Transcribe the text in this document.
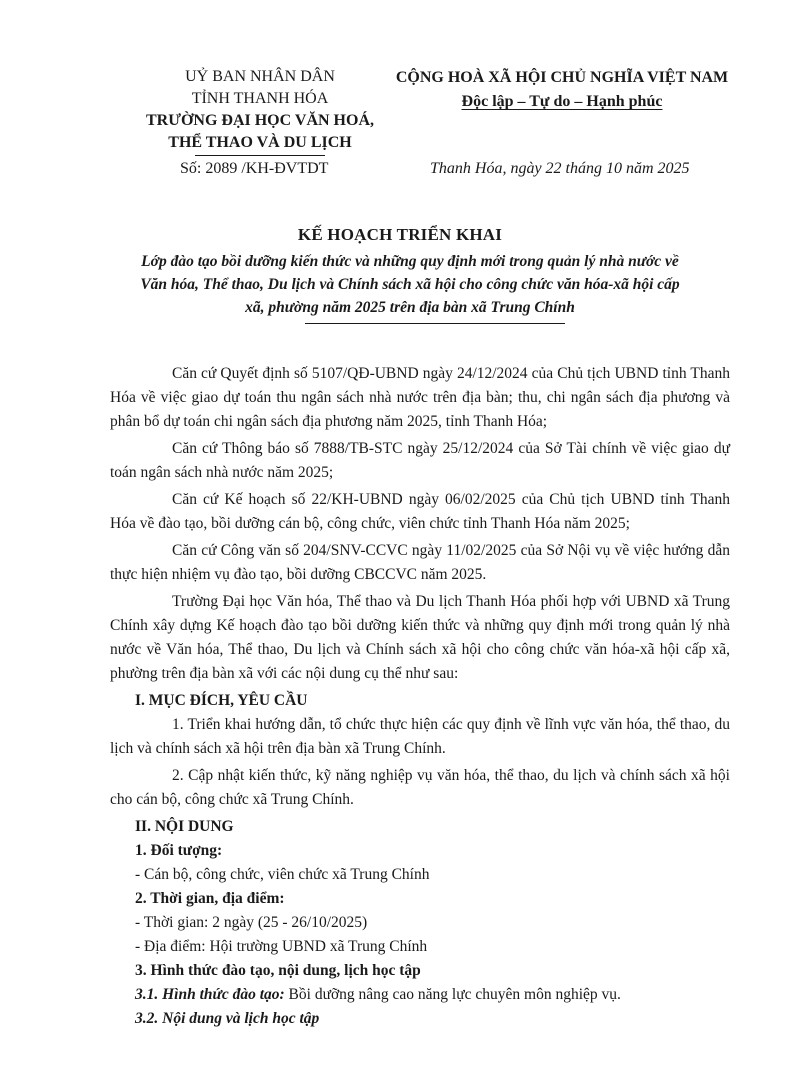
UỶ BAN NHÂN DÂN
TỈNH THANH HÓA
TRƯỜNG ĐẠI HỌC VĂN HOÁ,
THỂ THAO VÀ DU LỊCH
Số: 2089 /KH-ĐVTDT
CỘNG HOÀ XÃ HỘI CHỦ NGHĨA VIỆT NAM
Độc lập – Tự do – Hạnh phúc
Thanh Hóa, ngày 22 tháng 10 năm 2025
KẾ HOẠCH TRIỂN KHAI
Lớp đào tạo bồi dưỡng kiến thức và những quy định mới trong quản lý nhà nước về Văn hóa, Thể thao, Du lịch và Chính sách xã hội cho công chức văn hóa-xã hội cấp xã, phường năm 2025 trên địa bàn xã Trung Chính

Căn cứ Quyết định số 5107/QĐ-UBND ngày 24/12/2024 của Chủ tịch UBND tỉnh Thanh Hóa về việc giao dự toán thu ngân sách nhà nước trên địa bàn; thu, chi ngân sách địa phương và phân bổ dự toán chi ngân sách địa phương năm 2025, tỉnh Thanh Hóa;

Căn cứ Thông báo số 7888/TB-STC ngày 25/12/2024 của Sở Tài chính về việc giao dự toán ngân sách nhà nước năm 2025;

Căn cứ Kế hoạch số 22/KH-UBND ngày 06/02/2025 của Chủ tịch UBND tỉnh Thanh Hóa về đào tạo, bồi dưỡng cán bộ, công chức, viên chức tỉnh Thanh Hóa năm 2025;

Căn cứ Công văn số 204/SNV-CCVC ngày 11/02/2025 của Sở Nội vụ về việc hướng dẫn thực hiện nhiệm vụ đào tạo, bồi dưỡng CBCCVC năm 2025.

Trường Đại học Văn hóa, Thể thao và Du lịch Thanh Hóa phối hợp với UBND xã Trung Chính xây dựng Kế hoạch đào tạo bồi dưỡng kiến thức và những quy định mới trong quản lý nhà nước về Văn hóa, Thể thao, Du lịch và Chính sách xã hội cho công chức văn hóa-xã hội cấp xã, phường trên địa bàn xã với các nội dung cụ thể như sau:

I. MỤC ĐÍCH, YÊU CẦU

1. Triển khai hướng dẫn, tổ chức thực hiện các quy định về lĩnh vực văn hóa, thể thao, du lịch và chính sách xã hội trên địa bàn xã Trung Chính.

2. Cập nhật kiến thức, kỹ năng nghiệp vụ văn hóa, thể thao, du lịch và chính sách xã hội cho cán bộ, công chức xã Trung Chính.

II. NỘI DUNG
1. Đối tượng:
- Cán bộ, công chức, viên chức xã Trung Chính
2. Thời gian, địa điểm:
- Thời gian: 2 ngày (25 - 26/10/2025)
- Địa điểm: Hội trường UBND xã Trung Chính
3. Hình thức đào tạo, nội dung, lịch học tập
3.1. Hình thức đào tạo: Bồi dưỡng nâng cao năng lực chuyên môn nghiệp vụ.
3.2. Nội dung và lịch học tập
